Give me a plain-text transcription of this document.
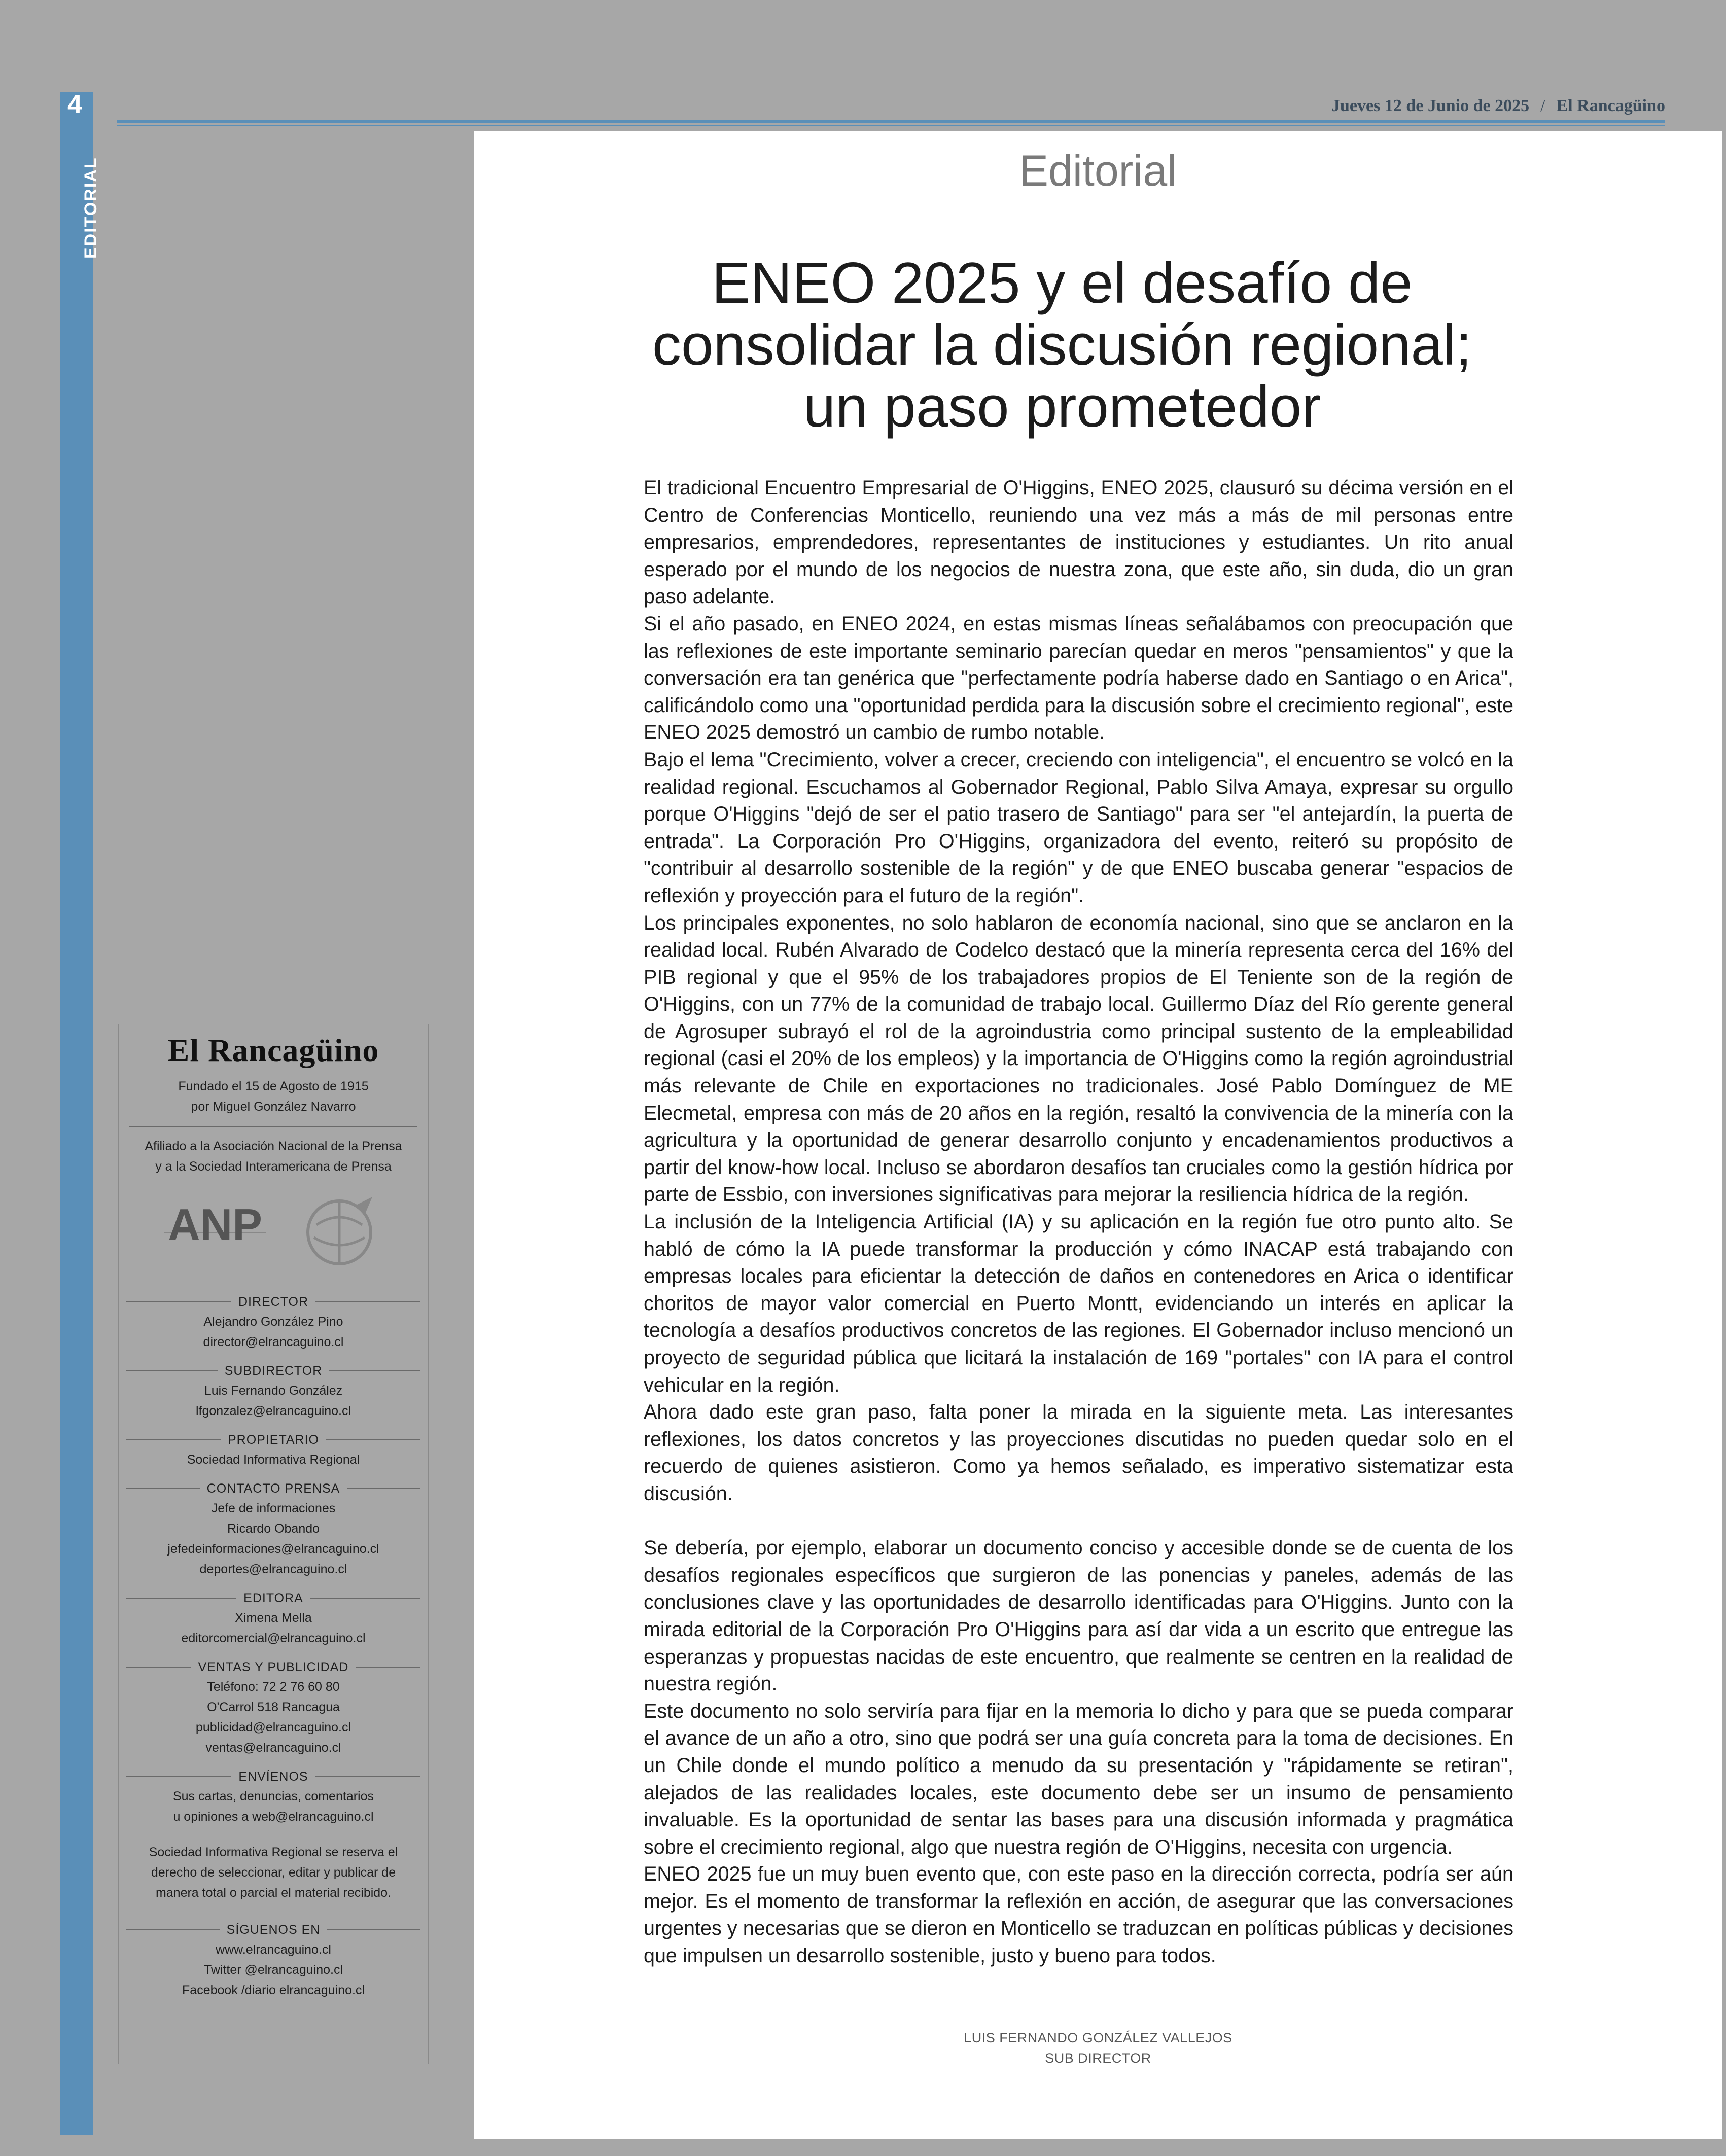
4
EDITORIAL
Jueves 12 de Junio de 2025 / El Rancagüino
El Rancagüino
Fundado el 15 de Agosto de 1915
por Miguel González Navarro
Afiliado a la Asociación Nacional de la Prensa
y a la Sociedad Interamericana de Prensa
ANP
DIRECTOR
Alejandro González Pino
director@elrancaguino.cl
SUBDIRECTOR
Luis Fernando González
lfgonzalez@elrancaguino.cl
PROPIETARIO
Sociedad Informativa Regional
CONTACTO PRENSA
Jefe de informaciones
Ricardo Obando
jefedeinformaciones@elrancaguino.cl
deportes@elrancaguino.cl
EDITORA
Ximena Mella
editorcomercial@elrancaguino.cl
VENTAS Y PUBLICIDAD
Teléfono: 72 2 76 60 80
O'Carrol 518 Rancagua
publicidad@elrancaguino.cl
ventas@elrancaguino.cl
ENVÍENOS
Sus cartas, denuncias, comentarios
u opiniones a web@elrancaguino.cl
Sociedad Informativa Regional se reserva el
derecho de seleccionar, editar y publicar de
manera total o parcial el material recibido.
SÍGUENOS EN
www.elrancaguino.cl
Twitter @elrancaguino.cl
Facebook /diario elrancaguino.cl
Editorial
ENEO 2025 y el desafío de
consolidar la discusión regional;
un paso prometedor

El tradicional Encuentro Empresarial de O'Higgins, ENEO 2025, clausuró su décima versión en el Centro de Conferencias Monticello, reuniendo una vez más a más de mil personas entre empresarios, emprendedores, representantes de instituciones y estudiantes. Un rito anual esperado por el mundo de los negocios de nuestra zona, que este año, sin duda, dio un gran paso adelante.

Si el año pasado, en ENEO 2024, en estas mismas líneas señalábamos con preocupación que las reflexiones de este importante seminario parecían quedar en meros "pensamientos" y que la conversación era tan genérica que "perfectamente podría haberse dado en Santiago o en Arica", calificándolo como una "oportunidad perdida para la discusión sobre el crecimiento regional", este ENEO 2025 demostró un cambio de rumbo notable.

Bajo el lema "Crecimiento, volver a crecer, creciendo con inteligencia", el encuentro se volcó en la realidad regional. Escuchamos al Gobernador Regional, Pablo Silva Amaya, expresar su orgullo porque O'Higgins "dejó de ser el patio trasero de Santiago" para ser "el antejardín, la puerta de entrada". La Corporación Pro O'Higgins, organizadora del evento, reiteró su propósito de "contribuir al desarrollo sostenible de la región" y de que ENEO buscaba generar "espacios de reflexión y proyección para el futuro de la región".

Los principales exponentes, no solo hablaron de economía nacional, sino que se anclaron en la realidad local. Rubén Alvarado de Codelco destacó que la minería representa cerca del 16% del PIB regional y que el 95% de los trabajadores propios de El Teniente son de la región de O'Higgins, con un 77% de la comunidad de trabajo local. Guillermo Díaz del Río gerente general de Agrosuper subrayó el rol de la agroindustria como principal sustento de la empleabilidad regional (casi el 20% de los empleos) y la importancia de O'Higgins como la región agroindustrial más relevante de Chile en exportaciones no tradicionales. José Pablo Domínguez de ME Elecmetal, empresa con más de 20 años en la región, resaltó la convivencia de la minería con la agricultura y la oportunidad de generar desarrollo conjunto y encadenamientos productivos a partir del know-how local. Incluso se abordaron desafíos tan cruciales como la gestión hídrica por parte de Essbio, con inversiones significativas para mejorar la resiliencia hídrica de la región.

La inclusión de la Inteligencia Artificial (IA) y su aplicación en la región fue otro punto alto. Se habló de cómo la IA puede transformar la producción y cómo INACAP está trabajando con empresas locales para eficientar la detección de daños en contenedores en Arica o identificar choritos de mayor valor comercial en Puerto Montt, evidenciando un interés en aplicar la tecnología a desafíos productivos concretos de las regiones. El Gobernador incluso mencionó un proyecto de seguridad pública que licitará la instalación de 169 "portales" con IA para el control vehicular en la región.

Ahora dado este gran paso, falta poner la mirada en la siguiente meta. Las interesantes reflexiones, los datos concretos y las proyecciones discutidas no pueden quedar solo en el recuerdo de quienes asistieron. Como ya hemos señalado, es imperativo sistematizar esta discusión.

Se debería, por ejemplo, elaborar un documento conciso y accesible donde se de cuenta de los desafíos regionales específicos que surgieron de las ponencias y paneles, además de las conclusiones clave y las oportunidades de desarrollo identificadas para O'Higgins. Junto con la mirada editorial de la Corporación Pro O'Higgins para así dar vida a un escrito que entregue las esperanzas y propuestas nacidas de este encuentro, que realmente se centren en la realidad de nuestra región.

Este documento no solo serviría para fijar en la memoria lo dicho y para que se pueda comparar el avance de un año a otro, sino que podrá ser una guía concreta para la toma de decisiones. En un Chile donde el mundo político a menudo da su presentación y "rápidamente se retiran", alejados de las realidades locales, este documento debe ser un insumo de pensamiento invaluable. Es la oportunidad de sentar las bases para una discusión informada y pragmática sobre el crecimiento regional, algo que nuestra región de O'Higgins, necesita con urgencia.

ENEO 2025 fue un muy buen evento que, con este paso en la dirección correcta, podría ser aún mejor. Es el momento de transformar la reflexión en acción, de asegurar que las conversaciones urgentes y necesarias que se dieron en Monticello se traduzcan en políticas públicas y decisiones que impulsen un desarrollo sostenible, justo y bueno para todos.

LUIS FERNANDO GONZÁLEZ VALLEJOS
SUB DIRECTOR
